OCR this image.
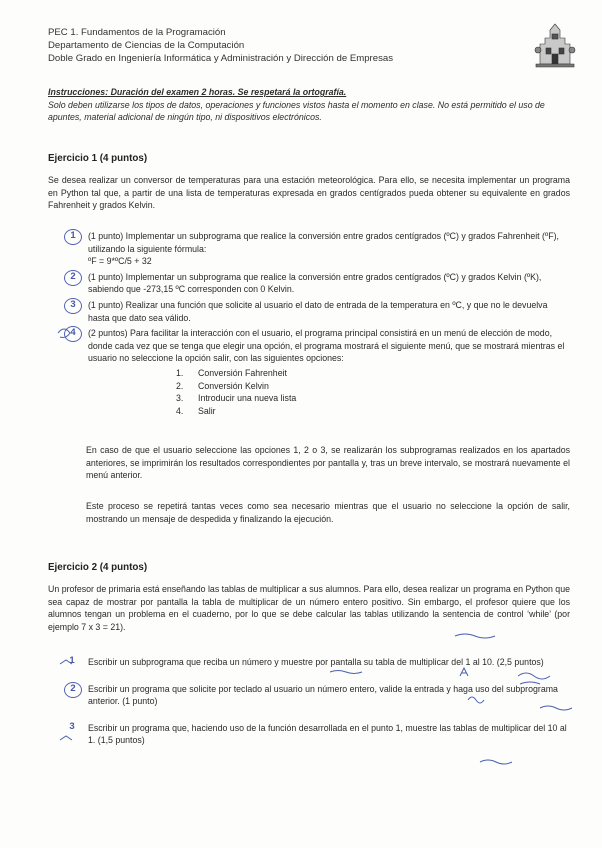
PEC 1. Fundamentos de la Programación
Departamento de Ciencias de la Computación
Doble Grado en Ingeniería Informática y Administración y Dirección de Empresas
Instrucciones: Duración del examen 2 horas. Se respetará la ortografía.
Solo deben utilizarse los tipos de datos, operaciones y funciones vistos hasta el momento en clase. No está permitido el uso de apuntes, material adicional de ningún tipo, ni dispositivos electrónicos.
Ejercicio 1 (4 puntos)
Se desea realizar un conversor de temperaturas para una estación meteorológica. Para ello, se necesita implementar un programa en Python tal que, a partir de una lista de temperaturas expresada en grados centígrados pueda obtener su equivalente en grados Fahrenheit y grados Kelvin.
1	(1 punto) Implementar un subprograma que realice la conversión entre grados centígrados (ºC) y grados Fahrenheit (ºF), utilizando la siguiente fórmula:
ºF = 9*ºC/5 + 32
2	(1 punto) Implementar un subprograma que realice la conversión entre grados centígrados (ºC) y grados Kelvin (ºK), sabiendo que -273,15 ºC corresponden con 0 Kelvin.
3	(1 punto) Realizar una función que solicite al usuario el dato de entrada de la temperatura en ºC, y que no le devuelva hasta que dato sea válido.
4	(2 puntos) Para facilitar la interacción con el usuario, el programa principal consistirá en un menú de elección de modo, donde cada vez que se tenga que elegir una opción, el programa mostrará el siguiente menú, que se mostrará mientras el usuario no seleccione la opción salir, con las siguientes opciones:
1. Conversión Fahrenheit
2. Conversión Kelvin
3. Introducir una nueva lista
4. Salir
En caso de que el usuario seleccione las opciones 1, 2 o 3, se realizarán los subprogramas realizados en los apartados anteriores, se imprimirán los resultados correspondientes por pantalla y, tras un breve intervalo, se mostrará nuevamente el menú anterior.
Este proceso se repetirá tantas veces como sea necesario mientras que el usuario no seleccione la opción de salir, mostrando un mensaje de despedida y finalizando la ejecución.
Ejercicio 2 (4 puntos)
Un profesor de primaria está enseñando las tablas de multiplicar a sus alumnos. Para ello, desea realizar un programa en Python que sea capaz de mostrar por pantalla la tabla de multiplicar de un número entero positivo. Sin embargo, el profesor quiere que los alumnos tengan un problema en el cuaderno, por lo que se debe calcular las tablas utilizando la sentencia de control ‘while’ (por ejemplo 7 x 3 = 21).
1	Escribir un subprograma que reciba un número y muestre por pantalla su tabla de multiplicar del 1 al 10. (2,5 puntos)
2	Escribir un programa que solicite por teclado al usuario un número entero, valide la entrada y haga uso del subprograma anterior. (1 punto)
3	Escribir un programa que, haciendo uso de la función desarrollada en el punto 1, muestre las tablas de multiplicar del 10 al 1. (1,5 puntos)
